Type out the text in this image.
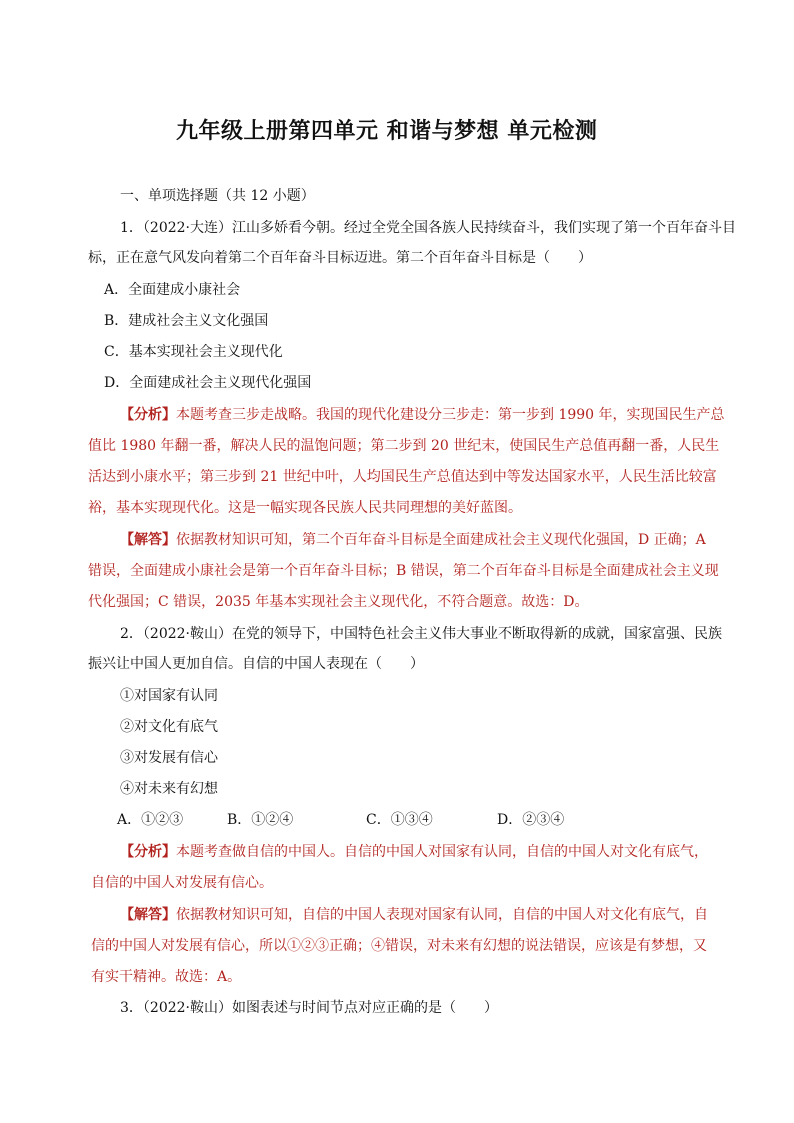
九年级上册第四单元 和谐与梦想 单元检测
一、单项选择题（共 12 小题）
1．（2022·大连）江山多娇看今朝。经过全党全国各族人民持续奋斗，我们实现了第一个百年奋斗目
标，正在意气风发向着第二个百年奋斗目标迈进。第二个百年奋斗目标是（　　）
A．全面建成小康社会
B．建成社会主义文化强国
C．基本实现社会主义现代化
D．全面建成社会主义现代化强国
【分析】本题考查三步走战略。我国的现代化建设分三步走：第一步到 1990 年，实现国民生产总
值比 1980 年翻一番，解决人民的温饱问题；第二步到 20 世纪末，使国民生产总值再翻一番，人民生
活达到小康水平；第三步到 21 世纪中叶，人均国民生产总值达到中等发达国家水平，人民生活比较富
裕，基本实现现代化。这是一幅实现各民族人民共同理想的美好蓝图。
【解答】依据教材知识可知，第二个百年奋斗目标是全面建成社会主义现代化强国，D 正确；A
错误，全面建成小康社会是第一个百年奋斗目标；B 错误，第二个百年奋斗目标是全面建成社会主义现
代化强国；C 错误，2035 年基本实现社会主义现代化，不符合题意。故选：D。
2．（2022·鞍山）在党的领导下，中国特色社会主义伟大事业不断取得新的成就，国家富强、民族
振兴让中国人更加自信。自信的中国人表现在（　　）
①对国家有认同
②对文化有底气
③对发展有信心
④对未来有幻想
A．①②③	B．①②④	C．①③④	D．②③④
【分析】本题考查做自信的中国人。自信的中国人对国家有认同，自信的中国人对文化有底气，
自信的中国人对发展有信心。
【解答】依据教材知识可知，自信的中国人表现对国家有认同，自信的中国人对文化有底气，自
信的中国人对发展有信心，所以①②③正确；④错误，对未来有幻想的说法错误，应该是有梦想，又
有实干精神。故选：A。
3．（2022·鞍山）如图表述与时间节点对应正确的是（　　）
